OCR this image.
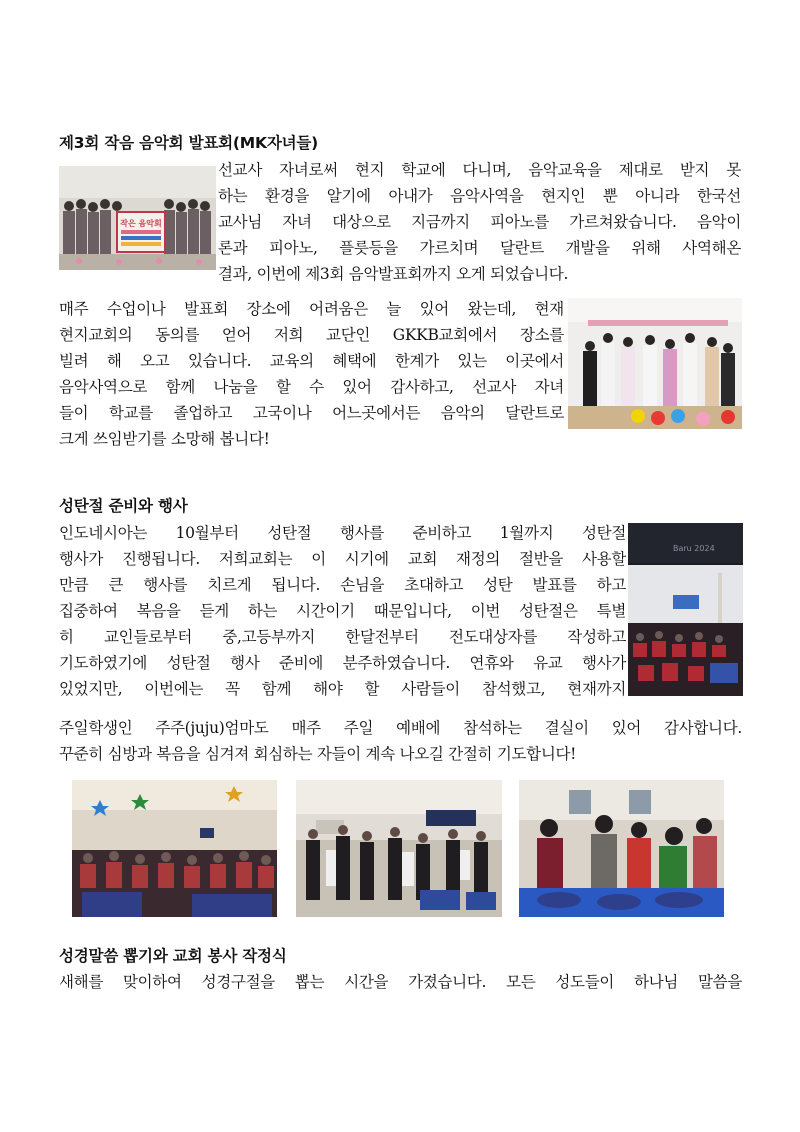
제3회 작음 음악회 발표회(MK자녀들)
작은 음악회
선교사 자녀로써 현지 학교에 다니며, 음악교육을 제대로 받지 못
하는 환경을 알기에 아내가 음악사역을 현지인 뿐 아니라 한국선
교사님 자녀 대상으로 지금까지 피아노를 가르쳐왔습니다. 음악이
론과 피아노, 플릇등을 가르치며 달란트 개발을 위해 사역해온
결과, 이번에 제3회 음악발표회까지 오게 되었습니다.
매주 수업이나 발표회 장소에 어려움은 늘 있어 왔는데, 현재
현지교회의 동의를 얻어 저희 교단인 GKKB교회에서 장소를
빌려 해 오고 있습니다. 교육의 혜택에 한계가 있는 이곳에서
음악사역으로 함께 나눔을 할 수 있어 감사하고, 선교사 자녀
들이 학교를 졸업하고 고국이나 어느곳에서든 음악의 달란트로
크게 쓰임받기를 소망해 봅니다!
성탄절 준비와 행사
Baru 2024
인도네시아는 10월부터 성탄절 행사를 준비하고 1월까지 성탄절
행사가 진행됩니다. 저희교회는 이 시기에 교회 재정의 절반을 사용할
만큼 큰 행사를 치르게 됩니다. 손님을 초대하고 성탄 발표를 하고
집중하여 복음을 듣게 하는 시간이기 때문입니다, 이번 성탄절은 특별
히 교인들로부터 중,고등부까지 한달전부터 전도대상자를 작성하고
기도하였기에 성탄절 행사 준비에 분주하였습니다. 연휴와 유교 행사가
있었지만, 이번에는 꼭 함께 해야 할 사람들이 참석했고, 현재까지
주일학생인 주주(juju)엄마도 매주 주일 예배에 참석하는 결실이 있어 감사합니다.
꾸준히 심방과 복음을 심겨져 회심하는 자들이 계속 나오길 간절히 기도합니다!
성경말씀 뽑기와 교회 봉사 작정식
새해를 맞이하여 성경구절을 뽑는 시간을 가졌습니다. 모든 성도들이 하나님 말씀을
